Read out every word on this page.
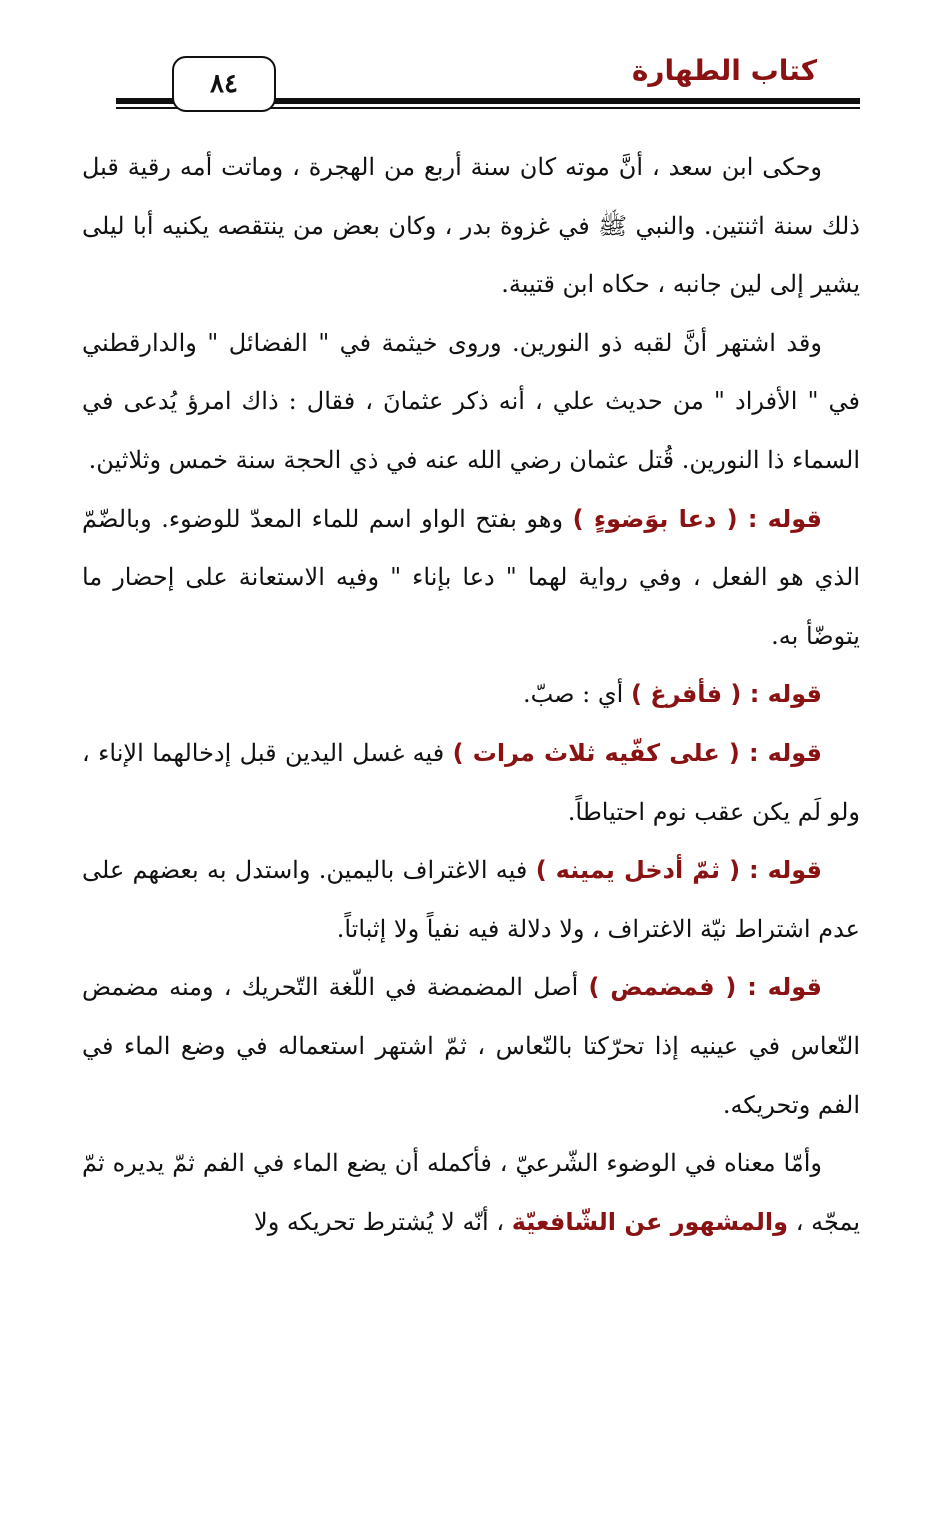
كتاب الطهارة
٨٤

وحكى ابن سعد ، أنَّ موته كان سنة أربع من الهجرة ، وماتت أمه رقية قبل ذلك سنة اثنتين. والنبي ﷺ في غزوة بدر ، وكان بعض من ينتقصه يكنيه أبا ليلى يشير إلى لين جانبه ، حكاه ابن قتيبة.

وقد اشتهر أنَّ لقبه ذو النورين. وروى خيثمة في " الفضائل " والدارقطني في " الأفراد " من حديث علي ، أنه ذكر عثمانَ ، فقال : ذاك امرؤ يُدعى في السماء ذا النورين. قُتل عثمان رضي الله عنه في ذي الحجة سنة خمس وثلاثين.

قوله : ( دعا بوَضوءٍ ) وهو بفتح الواو اسم للماء المعدّ للوضوء. وبالضّمّ الذي هو الفعل ، وفي رواية لهما " دعا بإناء " وفيه الاستعانة على إحضار ما يتوضّأ به.

قوله : ( فأفرغ ) أي : صبّ.

قوله : ( على كفّيه ثلاث مرات ) فيه غسل اليدين قبل إدخالهما الإناء ، ولو لَم يكن عقب نوم احتياطاً.

قوله : ( ثمّ أدخل يمينه ) فيه الاغتراف باليمين. واستدل به بعضهم على عدم اشتراط نيّة الاغتراف ، ولا دلالة فيه نفياً ولا إثباتاً.

قوله : ( فمضمض ) أصل المضمضة في اللّغة التّحريك ، ومنه مضمض النّعاس في عينيه إذا تحرّكتا بالنّعاس ، ثمّ اشتهر استعماله في وضع الماء في الفم وتحريكه.

وأمّا معناه في الوضوء الشّرعيّ ، فأكمله أن يضع الماء في الفم ثمّ يديره ثمّ يمجّه ، والمشهور عن الشّافعيّة ، أنّه لا يُشترط تحريكه ولا
